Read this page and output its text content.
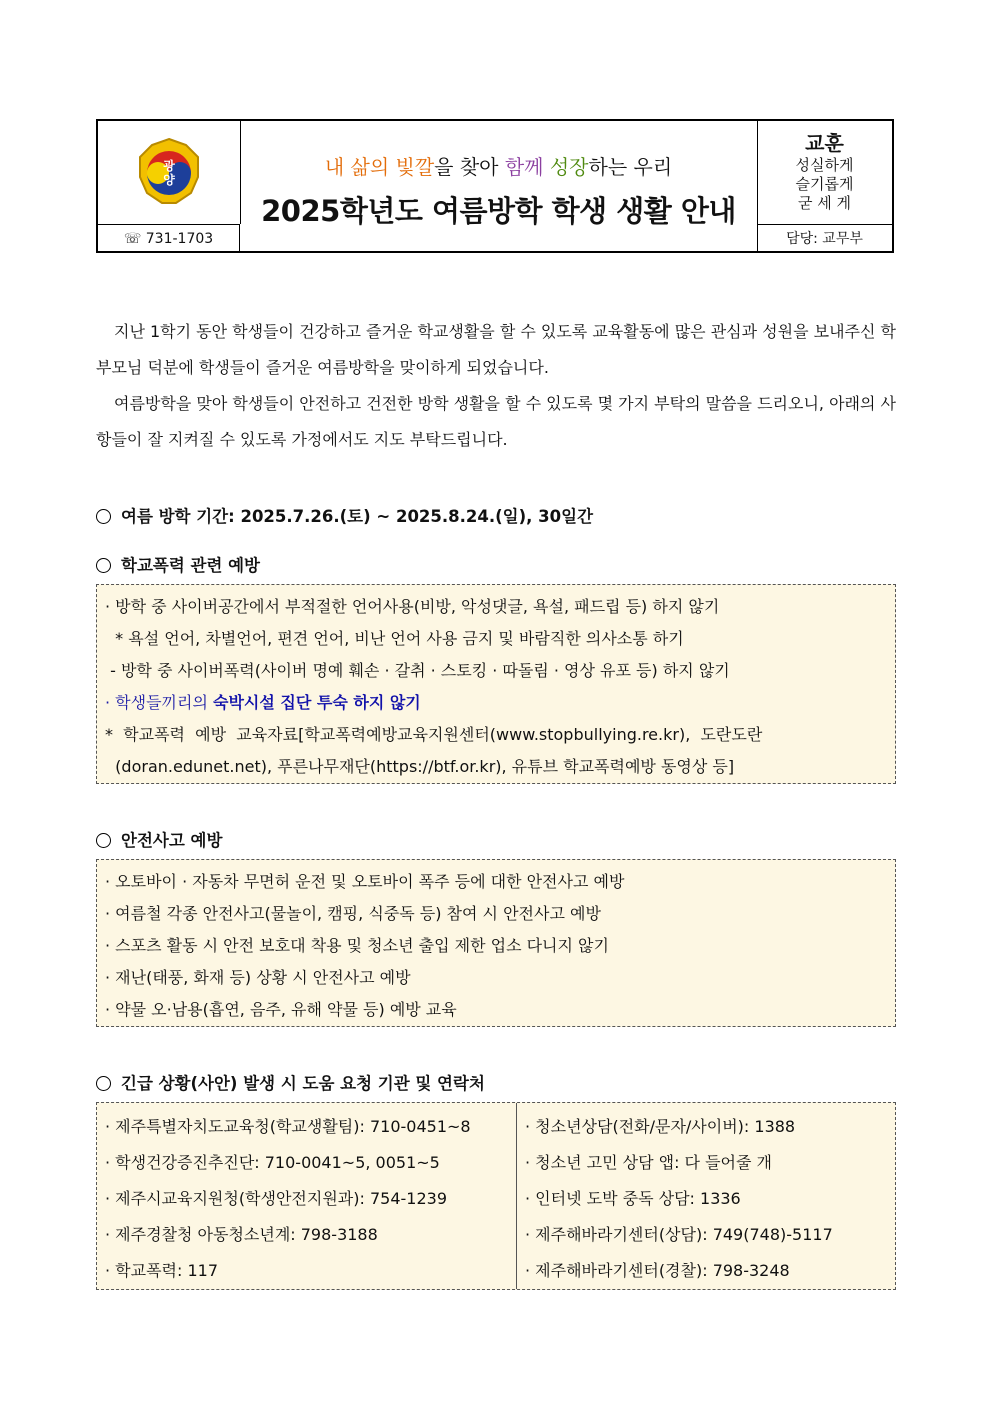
광
양
☏ 731-1703
내 삶의 빛깔을 찾아 함께 성장하는 우리
2025학년도 여름방학 학생 생활 안내
교훈
성실하게
슬기롭게
굳 세 게
담당: 교무부

지난 1학기 동안 학생들이 건강하고 즐거운 학교생활을 할 수 있도록 교육활동에 많은 관심과 성원을 보내주신 학부모님 덕분에 학생들이 즐거운 여름방학을 맞이하게 되었습니다.

여름방학을 맞아 학생들이 안전하고 건전한 방학 생활을 할 수 있도록 몇 가지 부탁의 말씀을 드리오니, 아래의 사항들이 잘 지켜질 수 있도록 가정에서도 지도 부탁드립니다.

여름 방학 기간: 2025.7.26.(토) ~ 2025.8.24.(일), 30일간
학교폭력 관련 예방
· 방학 중 사이버공간에서 부적절한 언어사용(비방, 악성댓글, 욕설, 패드립 등) 하지 않기
* 욕설 언어, 차별언어, 편견 언어, 비난 언어 사용 금지 및 바람직한 의사소통 하기
- 방학 중 사이버폭력(사이버 명예 훼손 · 갈취 · 스토킹 · 따돌림 · 영상 유포 등) 하지 않기
· 학생들끼리의 숙박시설 집단 투숙 하지 않기
*  학교폭력  예방  교육자료[학교폭력예방교육지원센터(www.stopbullying.re.kr),  도란도란
(doran.edunet.net), 푸른나무재단(https://btf.or.kr), 유튜브 학교폭력예방 동영상 등]
안전사고 예방
· 오토바이 · 자동차 무면허 운전 및 오토바이 폭주 등에 대한 안전사고 예방
· 여름철 각종 안전사고(물놀이, 캠핑, 식중독 등) 참여 시 안전사고 예방
· 스포츠 활동 시 안전 보호대 착용 및 청소년 출입 제한 업소 다니지 않기
· 재난(태풍, 화재 등) 상황 시 안전사고 예방
· 약물 오·남용(흡연, 음주, 유해 약물 등) 예방 교육
긴급 상황(사안) 발생 시 도움 요청 기관 및 연락처
· 제주특별자치도교육청(학교생활팀): 710-0451~8
· 학생건강증진추진단: 710-0041~5, 0051~5
· 제주시교육지원청(학생안전지원과): 754-1239
· 제주경찰청 아동청소년계: 798-3188
· 학교폭력: 117
· 청소년상담(전화/문자/사이버): 1388
· 청소년 고민 상담 앱: 다 들어줄 개
· 인터넷 도박 중독 상담: 1336
· 제주해바라기센터(상담): 749(748)-5117
· 제주해바라기센터(경찰): 798-3248
